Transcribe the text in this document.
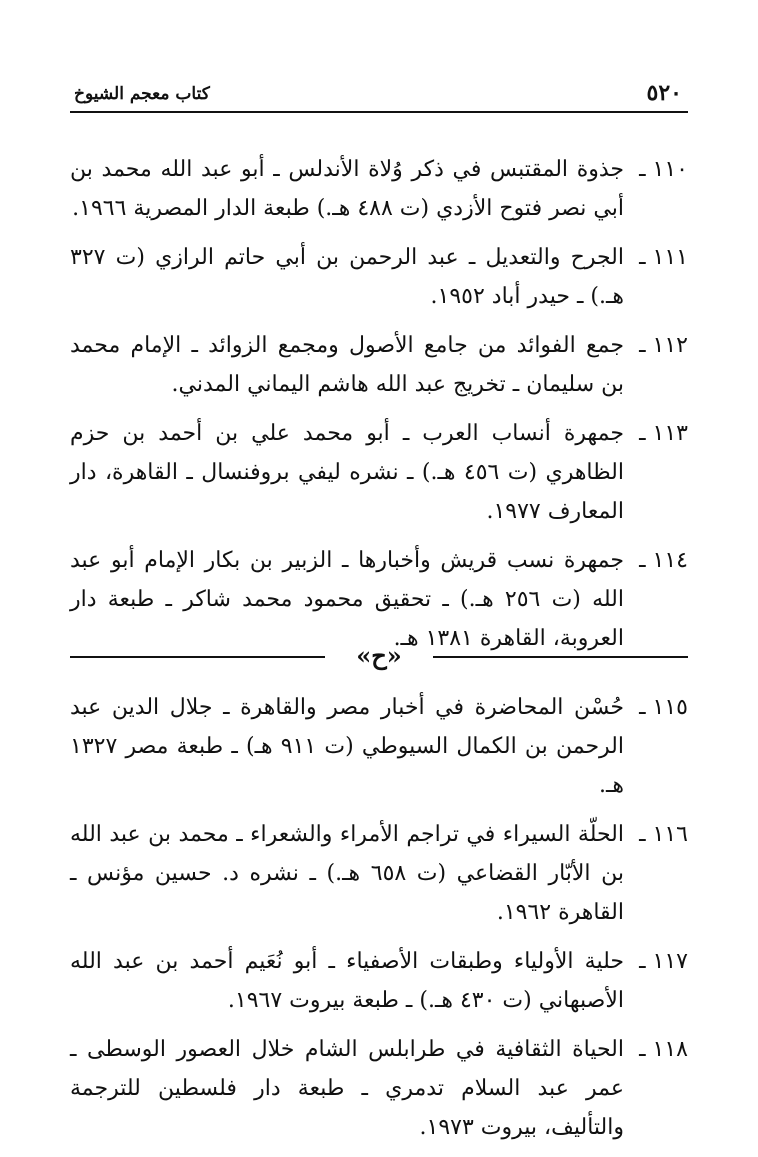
٥٢٠
كتاب معجم الشيوخ
١١٠ ـ
جذوة المقتبس في ذكر وُلاة الأندلس ـ أبو عبد الله محمد بن أبي نصر فتوح الأزدي (ت ٤٨٨ هـ.) طبعة الدار المصرية ١٩٦٦.
١١١ ـ
الجرح والتعديل ـ عبد الرحمن بن أبي حاتم الرازي (ت ٣٢٧ هـ.) ـ حيدر أباد ١٩٥٢.
١١٢ ـ
جمع الفوائد من جامع الأصول ومجمع الزوائد ـ الإمام محمد بن سليمان ـ تخريج عبد الله هاشم اليماني المدني.
١١٣ ـ
جمهرة أنساب العرب ـ أبو محمد علي بن أحمد بن حزم الظاهري (ت ٤٥٦ هـ.) ـ نشره ليفي بروفنسال ـ القاهرة، دار المعارف ١٩٧٧.
١١٤ ـ
جمهرة نسب قريش وأخبارها ـ الزبير بن بكار الإمام أبو عبد الله (ت ٢٥٦ هـ.) ـ تحقيق محمود محمد شاكر ـ طبعة دار العروبة، القاهرة ١٣٨١ هـ.
«ح»
١١٥ ـ
حُسْن المحاضرة في أخبار مصر والقاهرة ـ جلال الدين عبد الرحمن بن الكمال السيوطي (ت ٩١١ هـ) ـ طبعة مصر ١٣٢٧ هـ.
١١٦ ـ
الحلّة السيراء في تراجم الأمراء والشعراء ـ محمد بن عبد الله بن الأبّار القضاعي (ت ٦٥٨ هـ.) ـ نشره د. حسين مؤنس ـ القاهرة ١٩٦٢.
١١٧ ـ
حلية الأولياء وطبقات الأصفياء ـ أبو نُعَيم أحمد بن عبد الله الأصبهاني (ت ٤٣٠ هـ.) ـ طبعة بيروت ١٩٦٧.
١١٨ ـ
الحياة الثقافية في طرابلس الشام خلال العصور الوسطى ـ عمر عبد السلام تدمري ـ طبعة دار فلسطين للترجمة والتأليف، بيروت ١٩٧٣.
